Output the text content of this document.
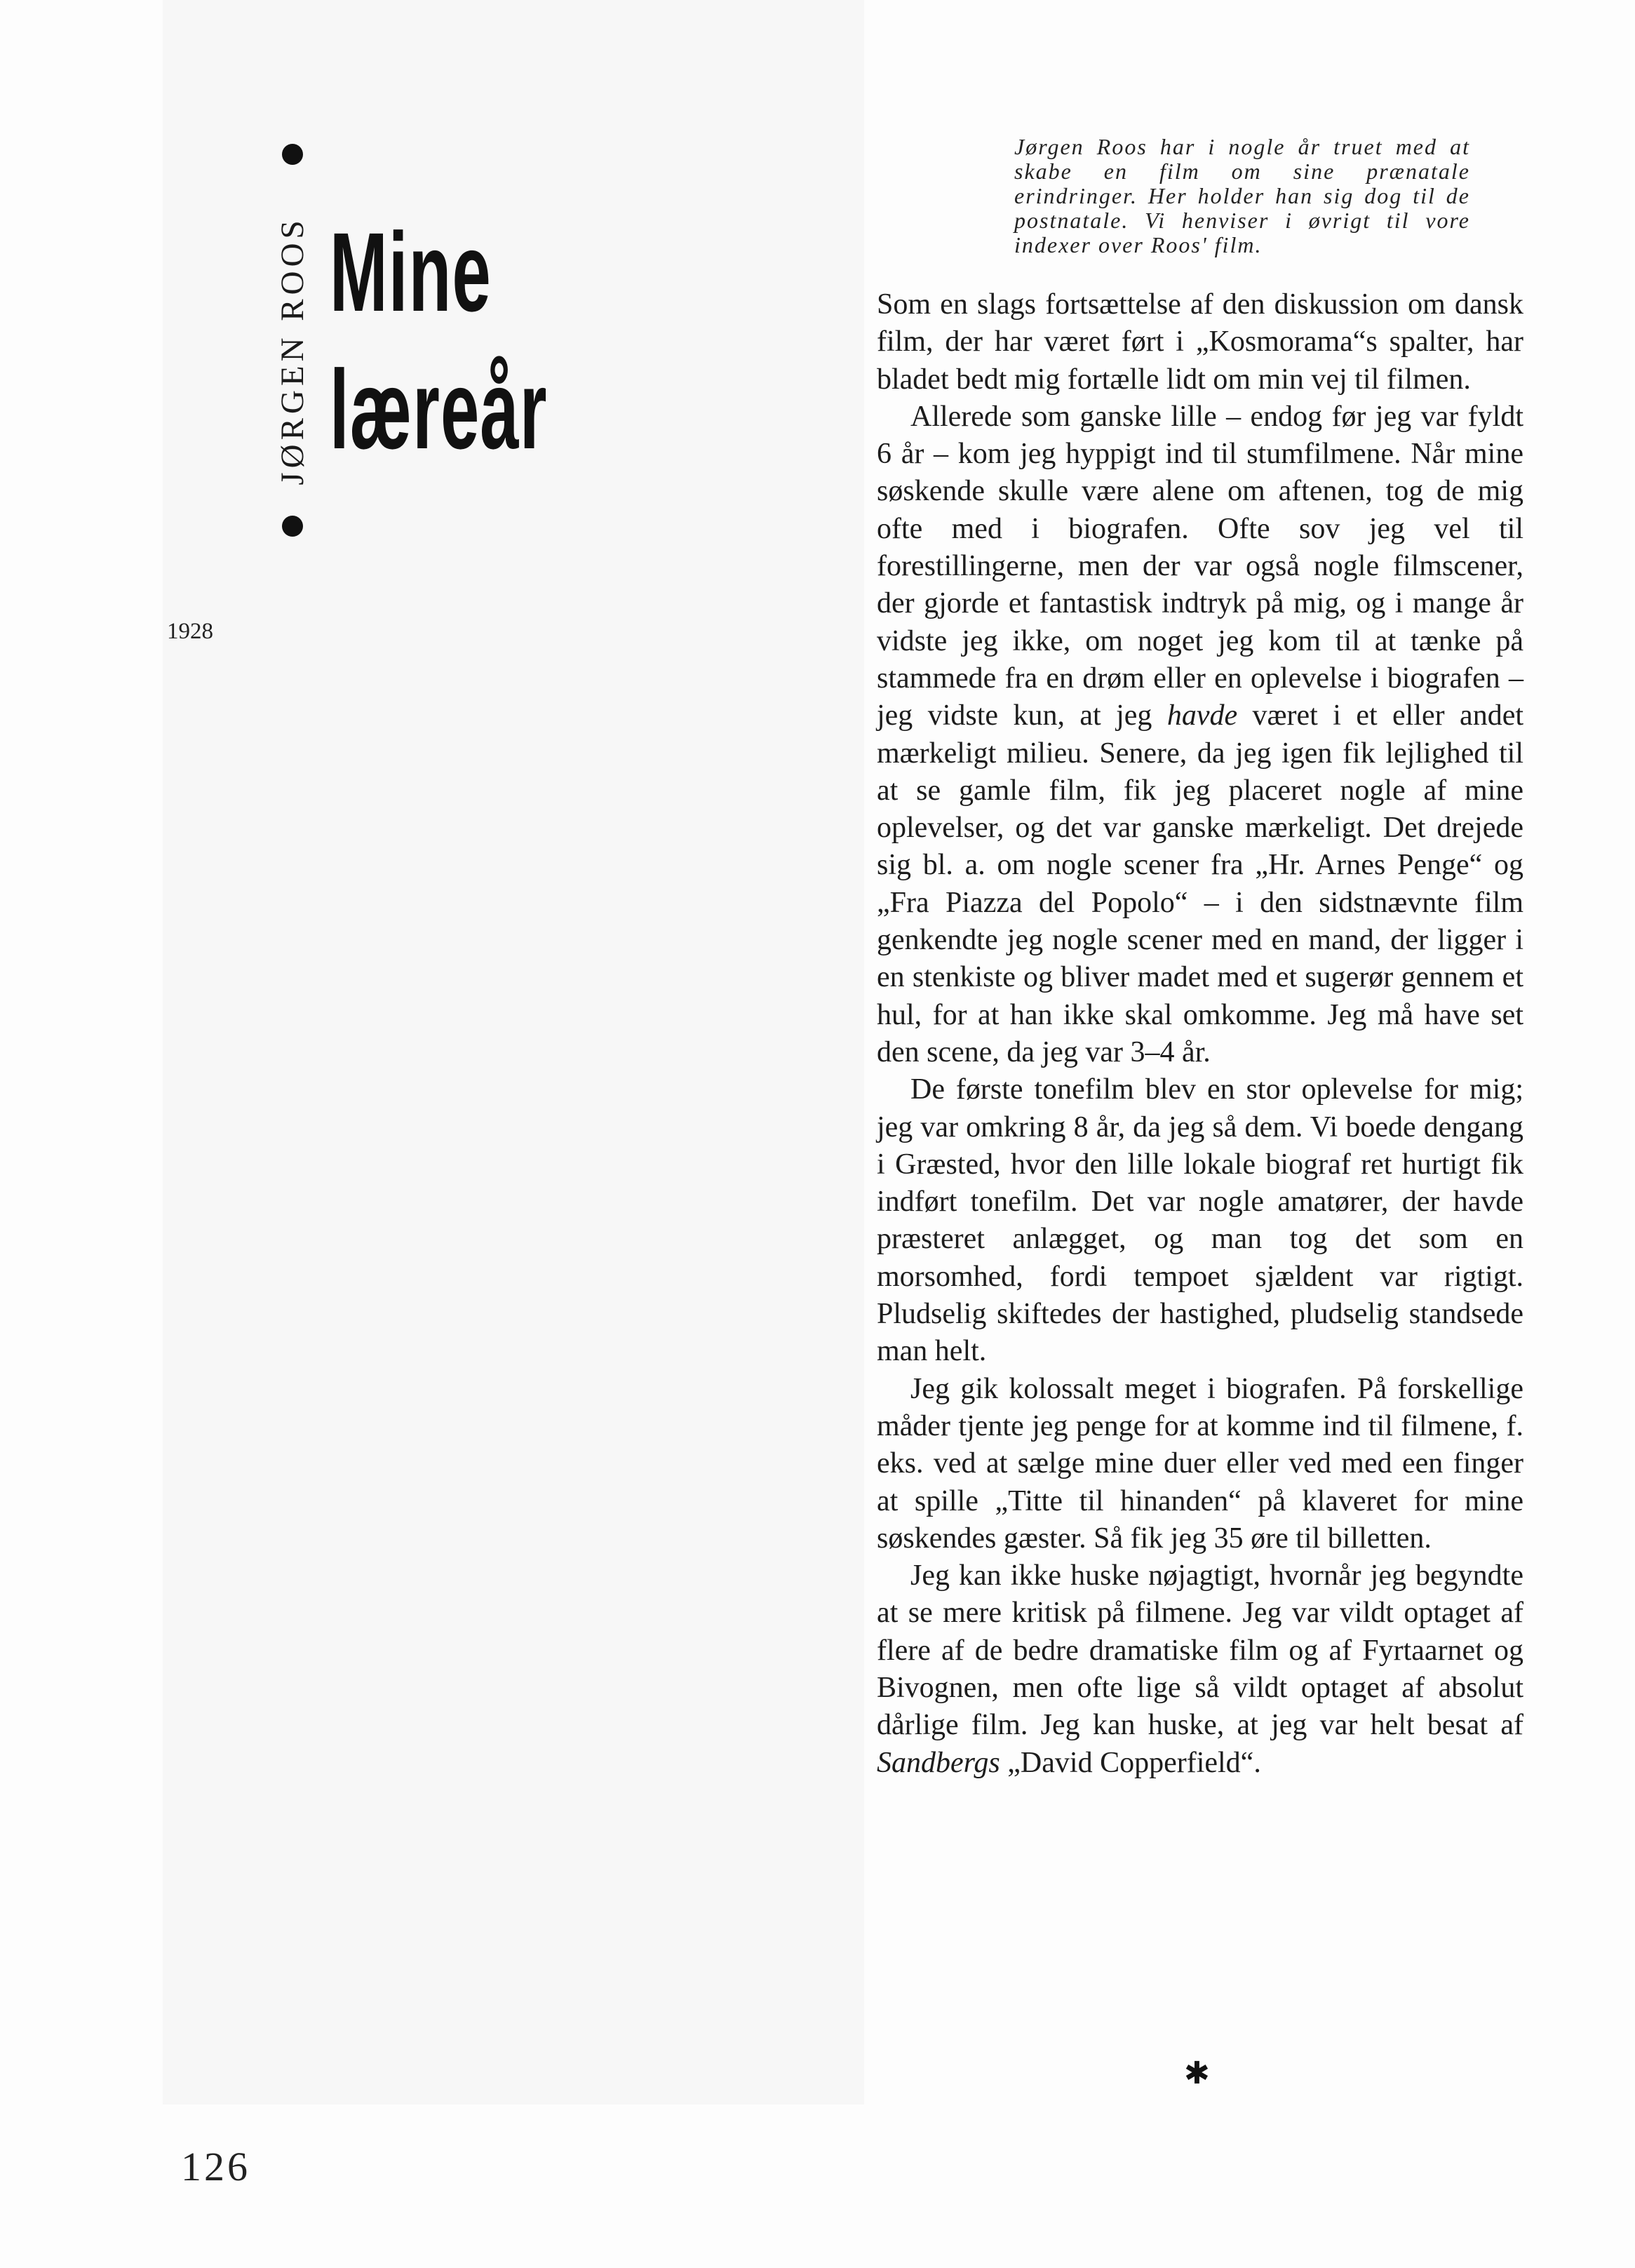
JØRGEN ROOS Mine
læreår
1928
Jørgen Roos har i nogle år truet med at skabe en film om sine prænatale erindringer. Her holder han sig dog til de postnatale. Vi henviser i øvrigt til vore indexer over Roos' film.

Som en slags fortsættelse af den diskussion om dansk film, der har været ført i „Kosmorama“s spalter, har bladet bedt mig fortælle lidt om min vej til filmen.

Allerede som ganske lille – endog før jeg var fyldt 6 år – kom jeg hyppigt ind til stumfilmene. Når mine søskende skulle være alene om aftenen, tog de mig ofte med i biografen. Ofte sov jeg vel til forestillingerne, men der var også nogle filmscener, der gjorde et fantastisk indtryk på mig, og i mange år vidste jeg ikke, om noget jeg kom til at tænke på stammede fra en drøm eller en oplevelse i biografen – jeg vidste kun, at jeg havde været i et eller andet mærkeligt milieu. Senere, da jeg igen fik lejlighed til at se gamle film, fik jeg placeret nogle af mine oplevelser, og det var ganske mærkeligt. Det drejede sig bl. a. om nogle scener fra „Hr. Arnes Penge“ og „Fra Piazza del Popolo“ – i den sidstnævnte film genkendte jeg nogle scener med en mand, der ligger i en stenkiste og bliver madet med et sugerør gennem et hul, for at han ikke skal omkomme. Jeg må have set den scene, da jeg var 3–4 år.

De første tonefilm blev en stor oplevelse for mig; jeg var omkring 8 år, da jeg så dem. Vi boede dengang i Græsted, hvor den lille lokale biograf ret hurtigt fik indført tonefilm. Det var nogle amatører, der havde præsteret anlægget, og man tog det som en morsomhed, fordi tempoet sjældent var rigtigt. Pludselig skiftedes der hastighed, pludselig standsede man helt.

Jeg gik kolossalt meget i biografen. På forskellige måder tjente jeg penge for at komme ind til filmene, f. eks. ved at sælge mine duer eller ved med een finger at spille „Titte til hinanden“ på klaveret for mine søskendes gæster. Så fik jeg 35 øre til billetten.

Jeg kan ikke huske nøjagtigt, hvornår jeg begyndte at se mere kritisk på filmene. Jeg var vildt optaget af flere af de bedre dramatiske film og af Fyrtaarnet og Bivognen, men ofte lige så vildt optaget af absolut dårlige film. Jeg kan huske, at jeg var helt besat af Sandbergs „David Copperfield“.

✱
126
